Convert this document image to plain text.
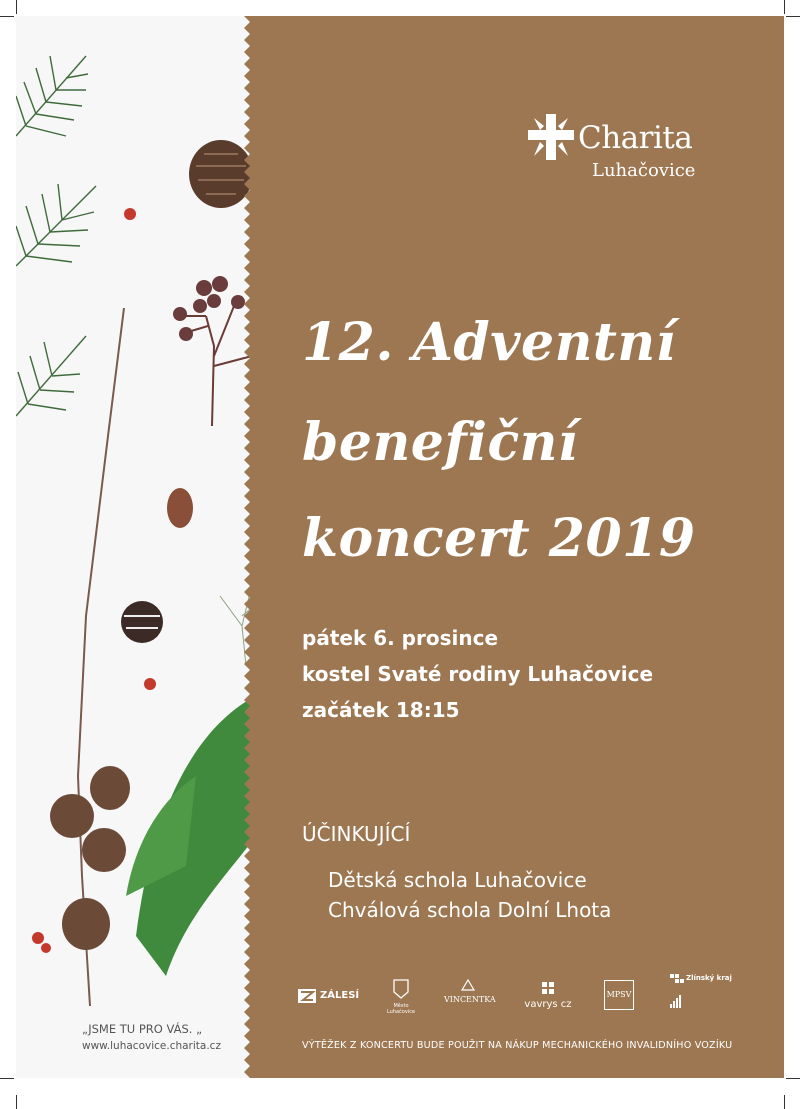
Charita
Luhačovice
12. Adventní
benefiční
koncert 2019
pátek 6. prosince
kostel Svaté rodiny Luhačovice
začátek 18:15
ÚČINKUJÍCÍ
Dětská schola Luhačovice
Chválová schola Dolní Lhota
ZÁLESÍ
Město Luhačovice
VINCENTKA	vavrys cz
MPSV
Zlínský kraj
VÝTĚŽEK Z KONCERTU BUDE POUŽIT NA NÁKUP MECHANICKÉHO INVALIDNÍHO VOZÍKU
„JSME TU PRO VÁS. „
www.luhacovice.charita.cz
